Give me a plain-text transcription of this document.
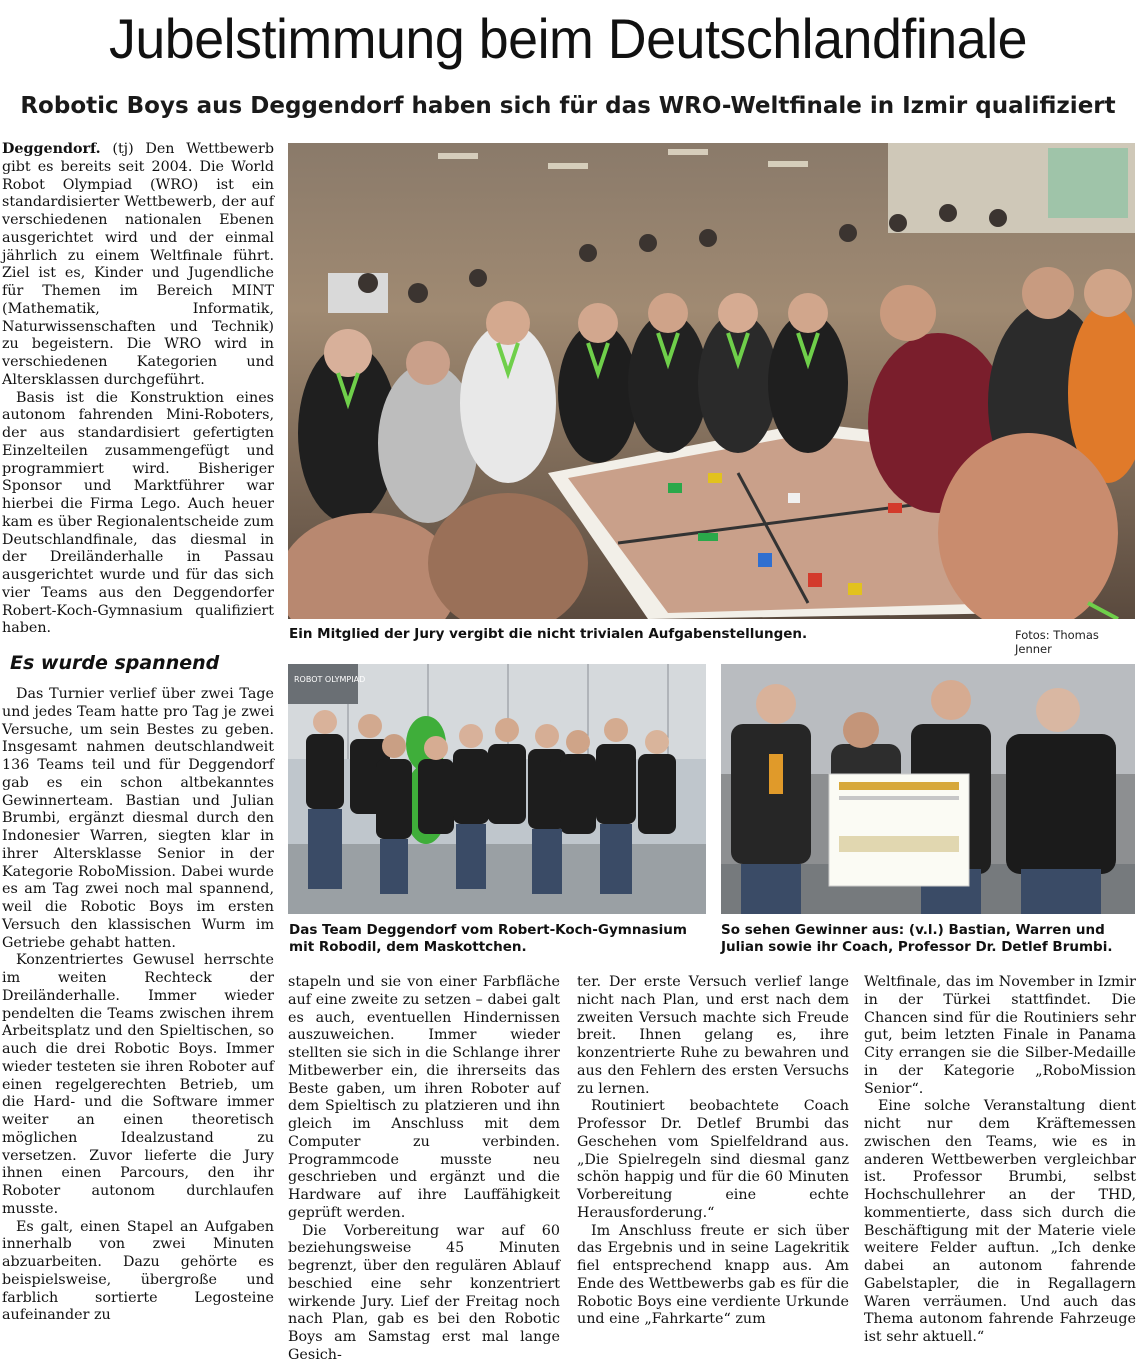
Jubelstimmung beim Deutschlandfinale
Robotic Boys aus Deggendorf haben sich für das WRO-Weltfinale in Izmir qualifiziert

Deggendorf. (tj) Den Wettbewerb gibt es bereits seit 2004. Die World Robot Olympiad (WRO) ist ein standardisierter Wettbewerb, der auf verschiedenen nationalen Ebenen ausgerichtet wird und der einmal jährlich zu einem Weltfinale führt. Ziel ist es, Kinder und Jugendliche für Themen im Bereich MINT (Mathematik, Informatik, Naturwissenschaften und Technik) zu begeistern. Die WRO wird in verschiedenen Kategorien und Altersklassen durchgeführt.

Basis ist die Konstruktion eines autonom fahrenden Mini-Roboters, der aus standardisiert gefertigten Einzelteilen zusammengefügt und programmiert wird. Bisheriger Sponsor und Marktführer war hierbei die Firma Lego. Auch heuer kam es über Regionalentscheide zum Deutschlandfinale, das diesmal in der Dreiländerhalle in Passau ausgerichtet wurde und für das sich vier Teams aus den Deggendorfer Robert-Koch-Gymnasium qualifiziert haben.

Es wurde spannend

Das Turnier verlief über zwei Tage und jedes Team hatte pro Tag je zwei Versuche, um sein Bestes zu geben. Insgesamt nahmen deutschlandweit 136 Teams teil und für Deggendorf gab es ein schon altbekanntes Gewinnerteam. Bastian und Julian Brumbi, ergänzt diesmal durch den Indonesier Warren, siegten klar in ihrer Altersklasse Senior in der Kategorie RoboMission. Dabei wurde es am Tag zwei noch mal spannend, weil die Robotic Boys im ersten Versuch den klassischen Wurm im Getriebe gehabt hatten.

Konzentriertes Gewusel herrschte im weiten Rechteck der Dreiländerhalle. Immer wieder pendelten die Teams zwischen ihrem Arbeitsplatz und den Spieltischen, so auch die drei Robotic Boys. Immer wieder testeten sie ihren Roboter auf einen regelgerechten Betrieb, um die Hard- und die Software immer weiter an einen theoretisch möglichen Idealzustand zu versetzen. Zuvor lieferte die Jury ihnen einen Parcours, den ihr Roboter autonom durchlaufen musste.

Es galt, einen Stapel an Aufgaben innerhalb von zwei Minuten abzuarbeiten. Dazu gehörte es beispielsweise, übergroße und farblich sortierte Legosteine aufeinander zu

Ein Mitglied der Jury vergibt die nicht trivialen Aufgabenstellungen.	Fotos: Thomas Jenner
ROBOT OLYMPIAD
Das Team Deggendorf vom Robert-Koch-Gymnasium mit Robodil, dem Maskottchen.
So sehen Gewinner aus: (v.l.) Bastian, Warren und Julian sowie ihr Coach, Professor Dr. Detlef Brumbi.

stapeln und sie von einer Farbfläche auf eine zweite zu setzen – dabei galt es auch, eventuellen Hindernissen auszuweichen. Immer wieder stellten sie sich in die Schlange ihrer Mitbewerber ein, die ihrerseits das Beste gaben, um ihren Roboter auf dem Spieltisch zu platzieren und ihn gleich im Anschluss mit dem Computer zu verbinden. Programmcode musste neu geschrieben und ergänzt und die Hardware auf ihre Lauffähigkeit geprüft werden.

Die Vorbereitung war auf 60 beziehungsweise 45 Minuten begrenzt, über den regulären Ablauf beschied eine sehr konzentriert wirkende Jury. Lief der Freitag noch nach Plan, gab es bei den Robotic Boys am Samstag erst mal lange Gesich-

ter. Der erste Versuch verlief lange nicht nach Plan, und erst nach dem zweiten Versuch machte sich Freude breit. Ihnen gelang es, ihre konzentrierte Ruhe zu bewahren und aus den Fehlern des ersten Versuchs zu lernen.

Routiniert beobachtete Coach Professor Dr. Detlef Brumbi das Geschehen vom Spielfeldrand aus. „Die Spielregeln sind diesmal ganz schön happig und für die 60 Minuten Vorbereitung eine echte Herausforderung.“

Im Anschluss freute er sich über das Ergebnis und in seine Lagekritik fiel entsprechend knapp aus. Am Ende des Wettbewerbs gab es für die Robotic Boys eine verdiente Urkunde und eine „Fahrkarte“ zum

Weltfinale, das im November in Izmir in der Türkei stattfindet. Die Chancen sind für die Routiniers sehr gut, beim letzten Finale in Panama City errangen sie die Silber-Medaille in der Kategorie „RoboMission Senior“.

Eine solche Veranstaltung dient nicht nur dem Kräftemessen zwischen den Teams, wie es in anderen Wettbewerben vergleichbar ist. Professor Brumbi, selbst Hochschullehrer an der THD, kommentierte, dass sich durch die Beschäftigung mit der Materie viele weitere Felder auftun. „Ich denke dabei an autonom fahrende Gabelstapler, die in Regallagern Waren verräumen. Und auch das Thema autonom fahrende Fahrzeuge ist sehr aktuell.“
